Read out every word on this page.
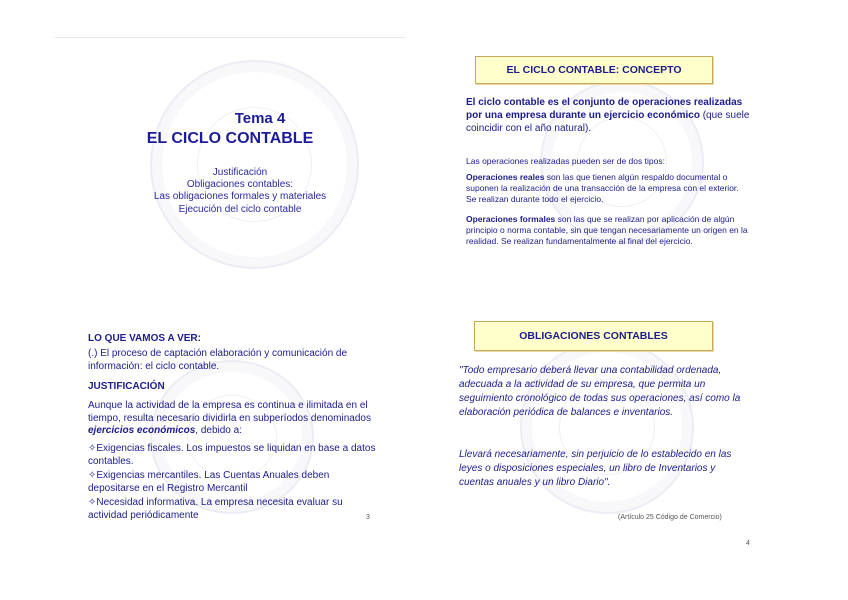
Tema 4
EL CICLO CONTABLE
Justificación
Obligaciones contables:
Las obligaciones formales y materiales
Ejecución del ciclo contable
EL CICLO CONTABLE: CONCEPTO
El ciclo contable es el conjunto de operaciones realizadas por una empresa durante un ejercicio económico (que suele coincidir con el año natural).
Las operaciones realizadas pueden ser de dos tipos:
Operaciones reales son las que tienen algún respaldo documental o suponen la realización de una transacción de la empresa con el exterior. Se realizan durante todo el ejercicio.
Operaciones formales son las que se realizan por aplicación de algún principio o norma contable, sin que tengan necesariamente un origen en la realidad. Se realizan fundamentalmente al final del ejercicio.
LO QUE VAMOS A VER:
(.) El proceso de captación elaboración y comunicación de información: el ciclo contable.
JUSTIFICACIÓN
Aunque la actividad de la empresa es continua e ilimitada en el tiempo, resulta necesario dividirla en subperíodos denominados ejercicios económicos, debido a:
✧Exigencias fiscales. Los impuestos se liquidan en base a datos contables.
✧Exigencias mercantiles. Las Cuentas Anuales deben depositarse en el Registro Mercantil
✧Necesidad informativa. La empresa necesita evaluar su actividad periódicamente	3
OBLIGACIONES CONTABLES
"Todo empresario deberá llevar una contabilidad ordenada, adecuada a la actividad de su empresa, que permita un seguimiento cronológico de todas sus operaciones, así como la elaboración periódica de balances e inventarios.
Llevará necesariamente, sin perjuicio de lo establecido en las leyes o disposiciones especiales, un libro de Inventarios y cuentas anuales y un libro Diario".
(Artículo 25 Código de Comercio)
4
